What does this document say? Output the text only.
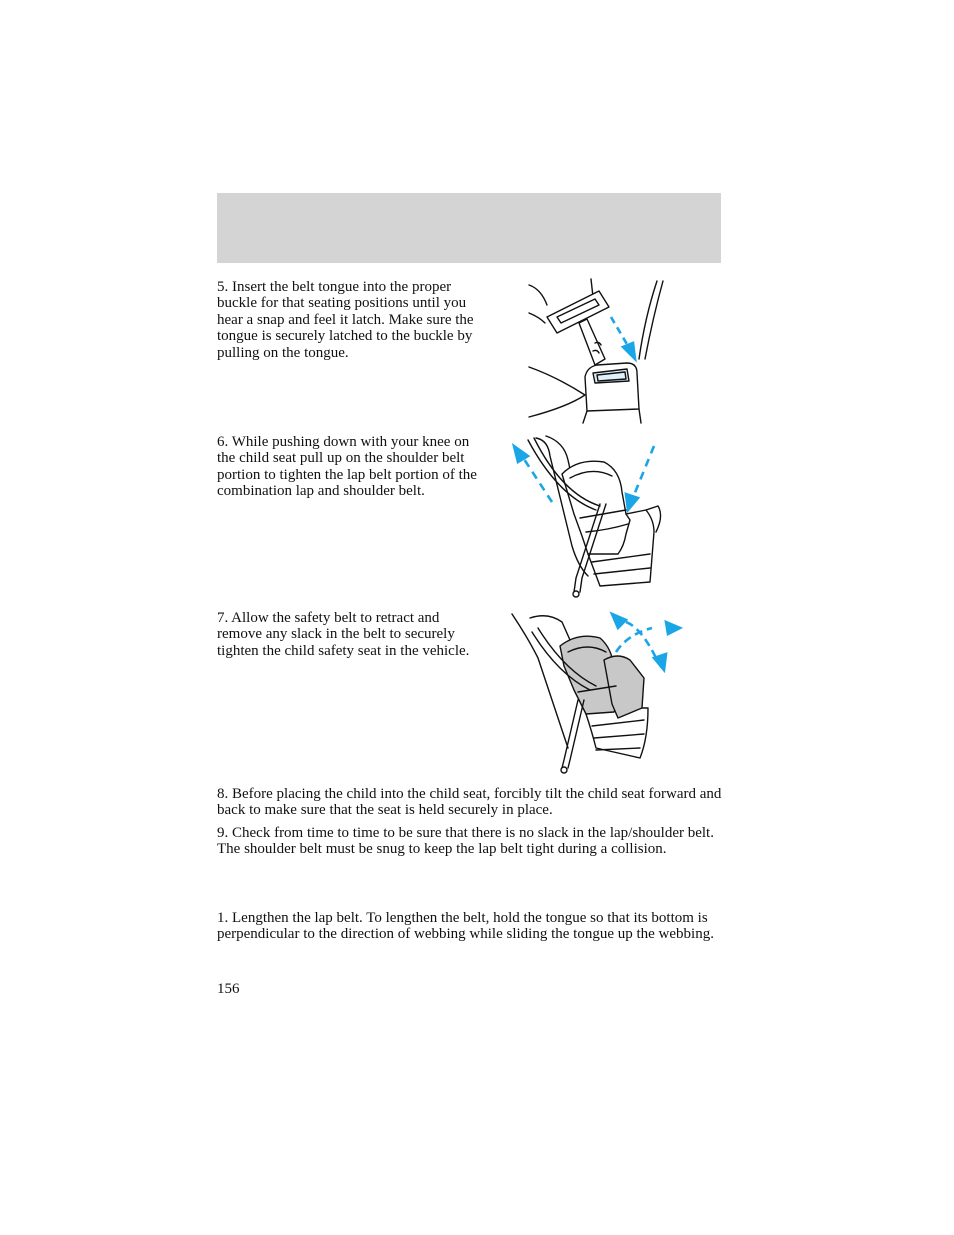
5. Insert the belt tongue into the proper buckle for that seating positions until you hear a snap and feel it latch. Make sure the tongue is securely latched to the buckle by pulling on the tongue.

6. While pushing down with your knee on the child seat pull up on the shoulder belt portion to tighten the lap belt portion of the combination lap and shoulder belt.

7. Allow the safety belt to retract and remove any slack in the belt to securely tighten the child safety seat in the vehicle.

8. Before placing the child into the child seat, forcibly tilt the child seat forward and back to make sure that the seat is held securely in place.

9. Check from time to time to be sure that there is no slack in the lap/shoulder belt. The shoulder belt must be snug to keep the lap belt tight during a collision.

1. Lengthen the lap belt. To lengthen the belt, hold the tongue so that its bottom is perpendicular to the direction of webbing while sliding the tongue up the webbing.

156
